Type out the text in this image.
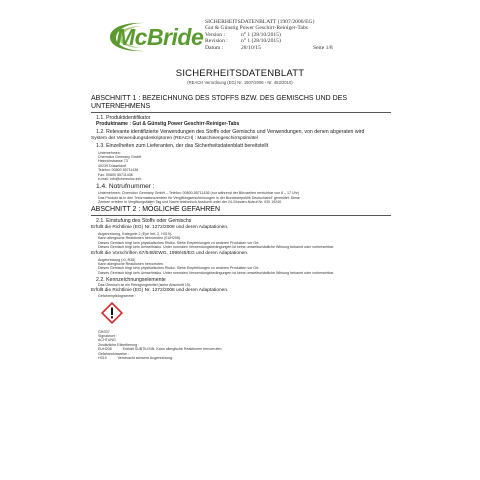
McBride
SICHERHEITSDATENBLATT (1907/2006/EG)
Gut & Günstig Power Geschirr-Reiniger-Tabs
Version :	n° 1 (28/10/2015)
Revision : n° 1 (28/10/2015)
Datum :	28/10/15	Seite 1/8
SICHERHEITSDATENBLATT
(REACH Verordnung (EG) Nr. 1907/2006 - Nr. 453/2010)
ABSCHNITT 1 : BEZEICHNUNG DES STOFFS BZW. DES GEMISCHS UND DES UNTERNEHMENS
1.1. Produktidentifikator
Produktname : Gut & Günstig Power Geschirr-Reiniger-Tabs
1.2. Relevante identifizierte Verwendungen des Stoffs oder Gemischs und Verwendungen, von denen abgeraten wird
System der Verwendungsdeskriptoren (REACH) : Maschinengeschirrspülmittel
1.3. Einzelheiten zum Lieferanten, der das Sicherheitsdatenblatt bereitstellt
Unternehmen:
Chemolux Germany GmbH
Heinrichstrasse 73
40239 Düsseldorf
Telefon: 00800 55711436
Fax: 00800 55711436
e-mail: info@chemolux.info
1.4. Notrufnummer :
Unternehmen: Chemolux Germany GmbH – Telefon: 00800-55711436 (nur während der Bürozeiten erreichbar von 8 – 17 Uhr)
Das Produkt ist in den "Informationszentren für Vergiftungserscheinungen in der Bundesrepublik Deutschland" gemeldet. Diese
Zentren erteilen in Vergiftungsfällen Tag und Nacht telefonisch Auskunft unter der 24-Stunden-Notruf Nr. 030 19240.
ABSCHNITT 2 : MÖGLICHE GEFAHREN
2.1. Einstufung des Stoffs oder Gemischs
Erfüllt die Richtlinie (EG) Nr. 1272/2008 und deren Adaptationen.
Augenreizung, Kategorie 2 (Eye Irrit. 2, H319).
Kann allergische Reaktionen hervorrufen (EUH208).
Dieses Gemisch birgt kein physikalisches Risiko. Siehe Empfehlungen zu anderen Produkten vor Ort.
Dieses Gemisch birgt kein Umweltrisiko. Unter normalen Verwendungsbedingungen ist keine umweltschädliche Wirkung bekannt oder vorhersehbar.
Erfüllt die Vorschriften 67/548/EWG, 1999/45/EG und deren Adaptationen.
Augenreizung (Xi, R36)
Kann allergische Reaktionen hervorrufen.
Dieses Gemisch birgt kein physikalisches Risiko. Siehe Empfehlungen zu anderen Produkten vor Ort.
Dieses Gemisch birgt kein Umweltrisiko. Unter normalen Verwendungsbedingungen ist keine umweltschädliche Wirkung bekannt oder vorhersehbar.
2.2. Kennzeichnungselemente
Das Gemisch ist ein Reinigungsmittel (siehe Abschnitt 15).
Erfüllt die Richtlinie (EG) Nr. 1272/2008 und deren Adaptationen.
Gefahrenpiktogramme :
GHS07
Signalwort :
ACHTUNG
Zusätzliche Etikettierung :
EUH208           Enthält SUBTILISIN. Kann allergische Reaktionen hervorrufen.
Gefahrenhinweise :
H319           Verursacht schwere Augenreizung.
